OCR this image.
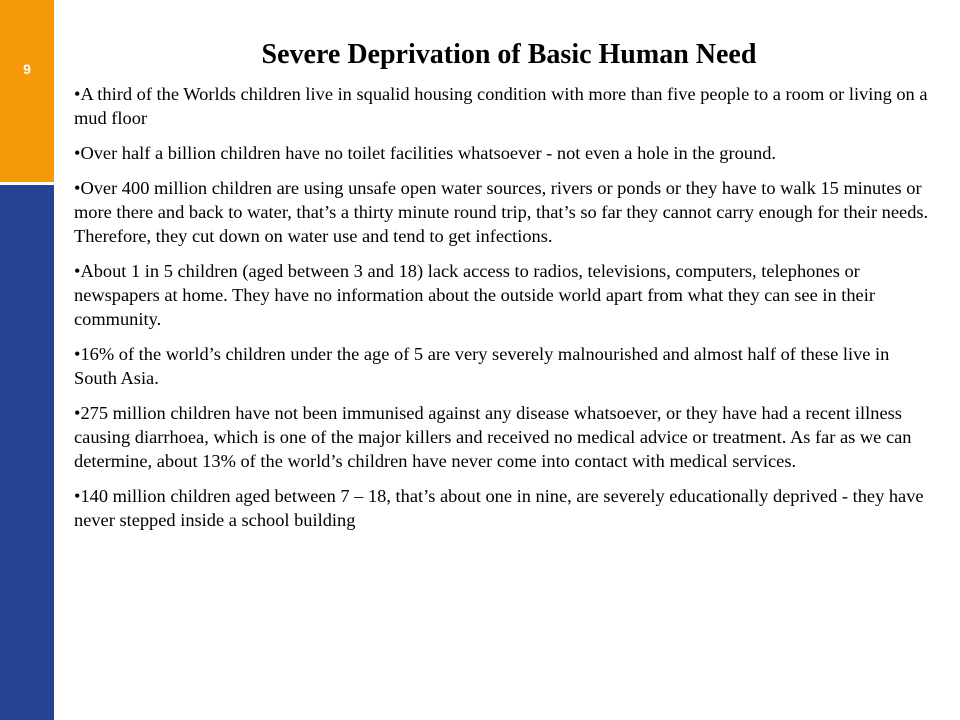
9	Severe Deprivation of Basic Human Need
•A third of the Worlds children live in squalid housing condition with more than five people to a room or living on a mud floor
•Over half a billion children have no toilet facilities whatsoever - not even a hole in the ground.
•Over 400 million children are using unsafe open water sources, rivers or ponds or they have to walk 15 minutes or more there and back to water, that’s a thirty minute round trip, that’s so far they cannot carry enough for their needs. Therefore, they cut down on water use and tend to get infections.
•About 1 in 5 children (aged between 3 and 18) lack access to radios, televisions, computers, telephones or newspapers at home. They have no information about the outside world apart from what they can see in their community.
•16% of the world’s children under the age of 5 are very severely malnourished and almost half of these live in South Asia.
•275 million children have not been immunised against any disease whatsoever, or they have had a recent illness causing diarrhoea, which is one of the major killers and received no medical advice or treatment. As far as we can determine, about 13% of the world’s children have never come into contact with medical services.
•140 million children aged between 7 – 18, that’s about one in nine, are severely educationally deprived - they have never stepped inside a school building
